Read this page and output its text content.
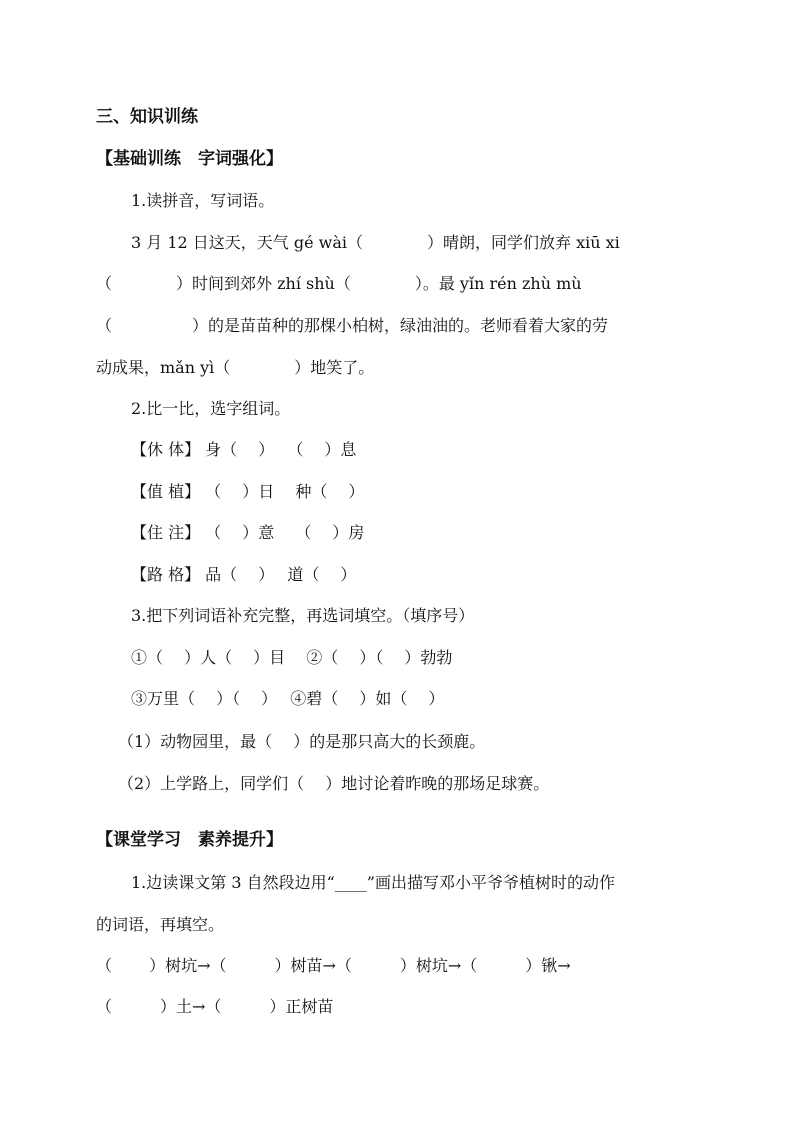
三、知识训练
【基础训练　字词强化】
1.读拼音，写词语。
3 月 12 日这天，天气 gé wài（　　　　）晴朗，同学们放弃 xiū xi
（　　　　）时间到郊外 zhí shù（　　　　）。最 yǐn rén zhù mù
（　　　　　）的是苗苗种的那棵小柏树，绿油油的。老师看着大家的劳
动成果，mǎn yì（　　　　）地笑了。
2.比一比，选字组词。
【休 体】 身（　 ）　 （　 ）息
【值 植】 （　 ）日　 种（　 ）
【住 注】 （　 ）意　 （　 ）房
【路 格】 品（　 ）　 道（　 ）
3.把下列词语补充完整，再选词填空。（填序号）
①（　 ）人（　 ）目　 ②（　 ）（　 ）勃勃
③万里（　 ）（　 ）　 ④碧（　 ）如（　 ）
（1）动物园里，最（　 ）的是那只高大的长颈鹿。
（2）上学路上，同学们（　 ）地讨论着昨晚的那场足球赛。
【课堂学习　素养提升】
1.边读课文第 3 自然段边用“____”画出描写邓小平爷爷植树时的动作
的词语，再填空。
（　　 ）树坑→（　　　）树苗→（　　　）树坑→（　　　）锹→
（　　　）土→（　　　）正树苗
